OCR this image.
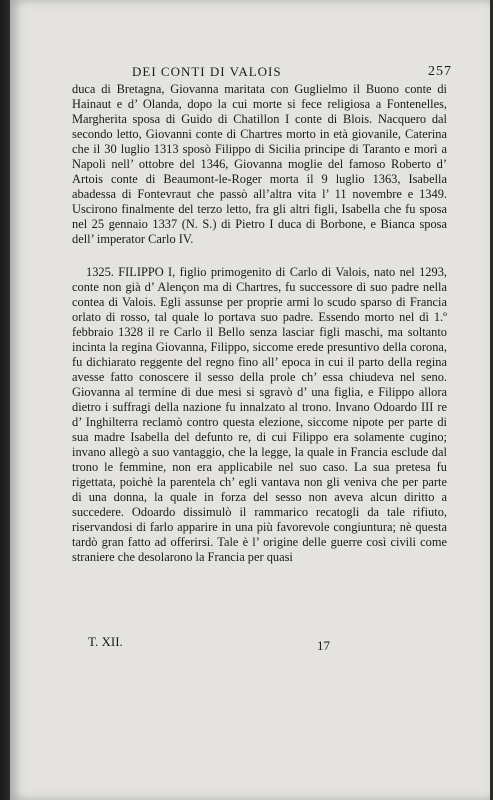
DEI CONTI DI VALOIS	257

duca di Bretagna, Giovanna maritata con Guglielmo il Buono conte di Hainaut e d’ Olanda, dopo la cui morte si fece religiosa a Fontenelles, Margherita sposa di Guido di Chatillon I conte di Blois. Nacquero dal secondo letto, Giovanni conte di Chartres morto in età giovanile, Caterina che il 30 luglio 1313 sposò Filippo di Sicilia principe di Taranto e morì a Napoli nell’ ottobre del 1346, Giovanna moglie del famoso Roberto d’ Artois conte di Beaumont-le-Roger morta il 9 luglio 1363, Isabella abadessa di Fontevraut che passò all’altra vita l’ 11 novembre e 1349. Uscirono finalmente del terzo letto, fra gli altri figli, Isabella che fu sposa nel 25 gennaio 1337 (N. S.) di Pietro I duca di Borbone, e Bianca sposa dell’ imperator Carlo IV.

1325. FILIPPO I, figlio primogenito di Carlo di Valois, nato nel 1293, conte non già d’ Alençon ma di Chartres, fu successore di suo padre nella contea di Valois. Egli assunse per proprie armi lo scudo sparso di Francia orlato di rosso, tal quale lo portava suo padre. Essendo morto nel dì 1.º febbraio 1328 il re Carlo il Bello senza lasciar figli maschi, ma soltanto incinta la regina Giovanna, Filippo, siccome erede presuntivo della corona, fu dichiarato reggente del regno fino all’ epoca in cui il parto della regina avesse fatto conoscere il sesso della prole ch’ essa chiudeva nel seno. Giovanna al termine di due mesi si sgravò d’ una figlia, e Filippo allora dietro i suffragi della nazione fu innalzato al trono. Invano Odoardo III re d’ Inghilterra reclamò contro questa elezione, siccome nipote per parte di sua madre Isabella del defunto re, di cui Filippo era solamente cugino; invano allegò a suo vantaggio, che la legge, la quale in Francia esclude dal trono le femmine, non era applicabile nel suo caso. La sua pretesa fu rigettata, poichè la parentela ch’ egli vantava non gli veniva che per parte di una donna, la quale in forza del sesso non aveva alcun diritto a succedere. Odoardo dissimulò il rammarico recatogli da tale rifiuto, riservandosi di farlo apparire in una più favorevole congiuntura; nè questa tardò gran fatto ad offerirsi. Tale è l’ origine delle guerre così civili come straniere che desolarono la Francia per quasi

T. XII.	17
